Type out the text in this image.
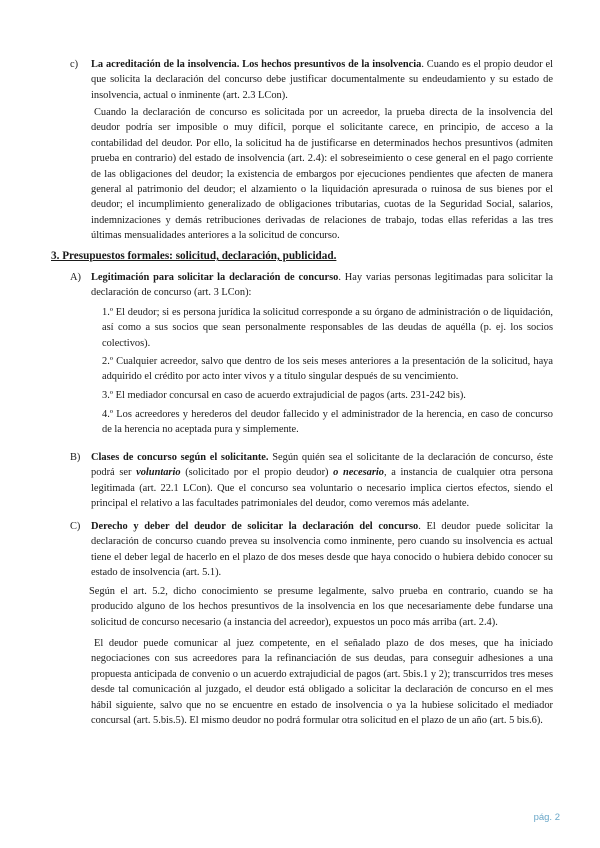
c) La acreditación de la insolvencia. Los hechos presuntivos de la insolvencia. Cuando es el propio deudor el que solicita la declaración del concurso debe justificar documentalmente su endeudamiento y su estado de insolvencia, actual o inminente (art. 2.3 LCon).

Cuando la declaración de concurso es solicitada por un acreedor, la prueba directa de la insolvencia del deudor podría ser imposible o muy difícil, porque el solicitante carece, en principio, de acceso a la contabilidad del deudor. Por ello, la solicitud ha de justificarse en determinados hechos presuntivos (admiten prueba en contrario) del estado de insolvencia (art. 2.4): el sobreseimiento o cese general en el pago corriente de las obligaciones del deudor; la existencia de embargos por ejecuciones pendientes que afecten de manera general al patrimonio del deudor; el alzamiento o la liquidación apresurada o ruinosa de sus bienes por el deudor; el incumplimiento generalizado de obligaciones tributarias, cuotas de la Seguridad Social, salarios, indemnizaciones y demás retribuciones derivadas de relaciones de trabajo, todas ellas referidas a las tres últimas mensualidades anteriores a la solicitud de concurso.

3. Presupuestos formales: solicitud, declaración, publicidad.

A) Legitimación para solicitar la declaración de concurso. Hay varias personas legitimadas para solicitar la declaración de concurso (art. 3 LCon):

1.º El deudor; si es persona jurídica la solicitud corresponde a su órgano de administración o de liquidación, así como a sus socios que sean personalmente responsables de las deudas de aquélla (p. ej. los socios colectivos).

2.º Cualquier acreedor, salvo que dentro de los seis meses anteriores a la presentación de la solicitud, haya adquirido el crédito por acto inter vivos y a título singular después de su vencimiento.

3.º El mediador concursal en caso de acuerdo extrajudicial de pagos (arts. 231-242 bis).

4.º Los acreedores y herederos del deudor fallecido y el administrador de la herencia, en caso de concurso de la herencia no aceptada pura y simplemente.

B) Clases de concurso según el solicitante. Según quién sea el solicitante de la declaración de concurso, éste podrá ser voluntario (solicitado por el propio deudor) o necesario, a instancia de cualquier otra persona legitimada (art. 22.1 LCon). Que el concurso sea voluntario o necesario implica ciertos efectos, siendo el principal el relativo a las facultades patrimoniales del deudor, como veremos más adelante.

C) Derecho y deber del deudor de solicitar la declaración del concurso. El deudor puede solicitar la declaración de concurso cuando prevea su insolvencia como inminente, pero cuando su insolvencia es actual tiene el deber legal de hacerlo en el plazo de dos meses desde que haya conocido o hubiera debido conocer su estado de insolvencia (art. 5.1).

Según el art. 5.2, dicho conocimiento se presume legalmente, salvo prueba en contrario, cuando se ha producido alguno de los hechos presuntivos de la insolvencia en los que necesariamente debe fundarse una solicitud de concurso necesario (a instancia del acreedor), expuestos un poco más arriba (art. 2.4).

El deudor puede comunicar al juez competente, en el señalado plazo de dos meses, que ha iniciado negociaciones con sus acreedores para la refinanciación de sus deudas, para conseguir adhesiones a una propuesta anticipada de convenio o un acuerdo extrajudicial de pagos (art. 5bis.1 y 2); transcurridos tres meses desde tal comunicación al juzgado, el deudor está obligado a solicitar la declaración de concurso en el mes hábil siguiente, salvo que no se encuentre en estado de insolvencia o ya la hubiese solicitado el mediador concursal (art. 5.bis.5). El mismo deudor no podrá formular otra solicitud en el plazo de un año (art. 5 bis.6).

pág. 2
